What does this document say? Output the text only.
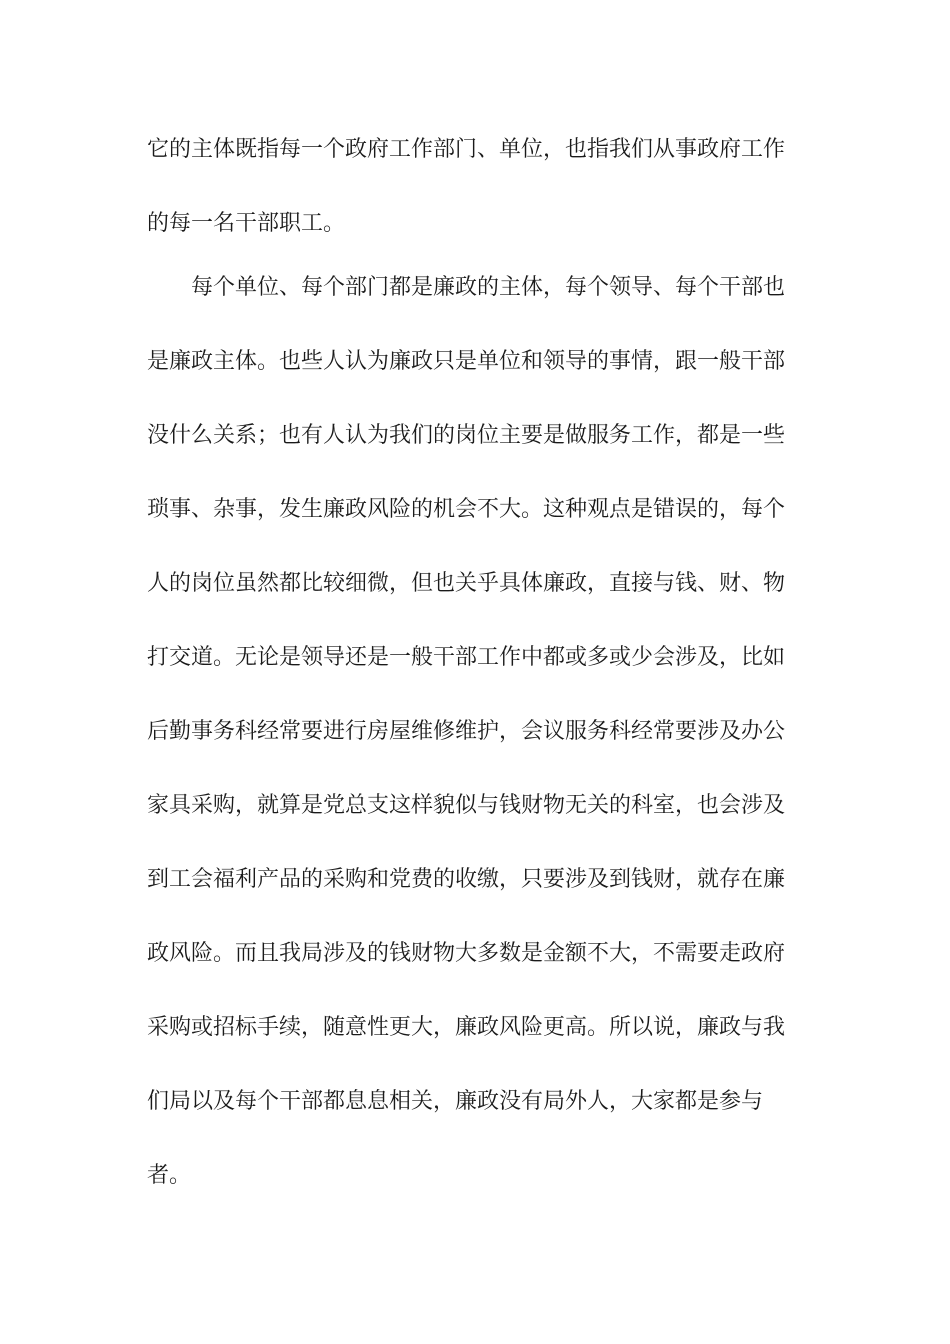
它的主体既指每一个政府工作部门、单位，也指我们从事政府工作

的每一名干部职工。

每个单位、每个部门都是廉政的主体，每个领导、每个干部也

是廉政主体。也些人认为廉政只是单位和领导的事情，跟一般干部

没什么关系；也有人认为我们的岗位主要是做服务工作，都是一些

琐事、杂事，发生廉政风险的机会不大。这种观点是错误的，每个

人的岗位虽然都比较细微，但也关乎具体廉政，直接与钱、财、物

打交道。无论是领导还是一般干部工作中都或多或少会涉及，比如

后勤事务科经常要进行房屋维修维护，会议服务科经常要涉及办公

家具采购，就算是党总支这样貌似与钱财物无关的科室，也会涉及

到工会福利产品的采购和党费的收缴，只要涉及到钱财，就存在廉

政风险。而且我局涉及的钱财物大多数是金额不大，不需要走政府

采购或招标手续，随意性更大，廉政风险更高。所以说，廉政与我

们局以及每个干部都息息相关，廉政没有局外人，大家都是参与

者。
